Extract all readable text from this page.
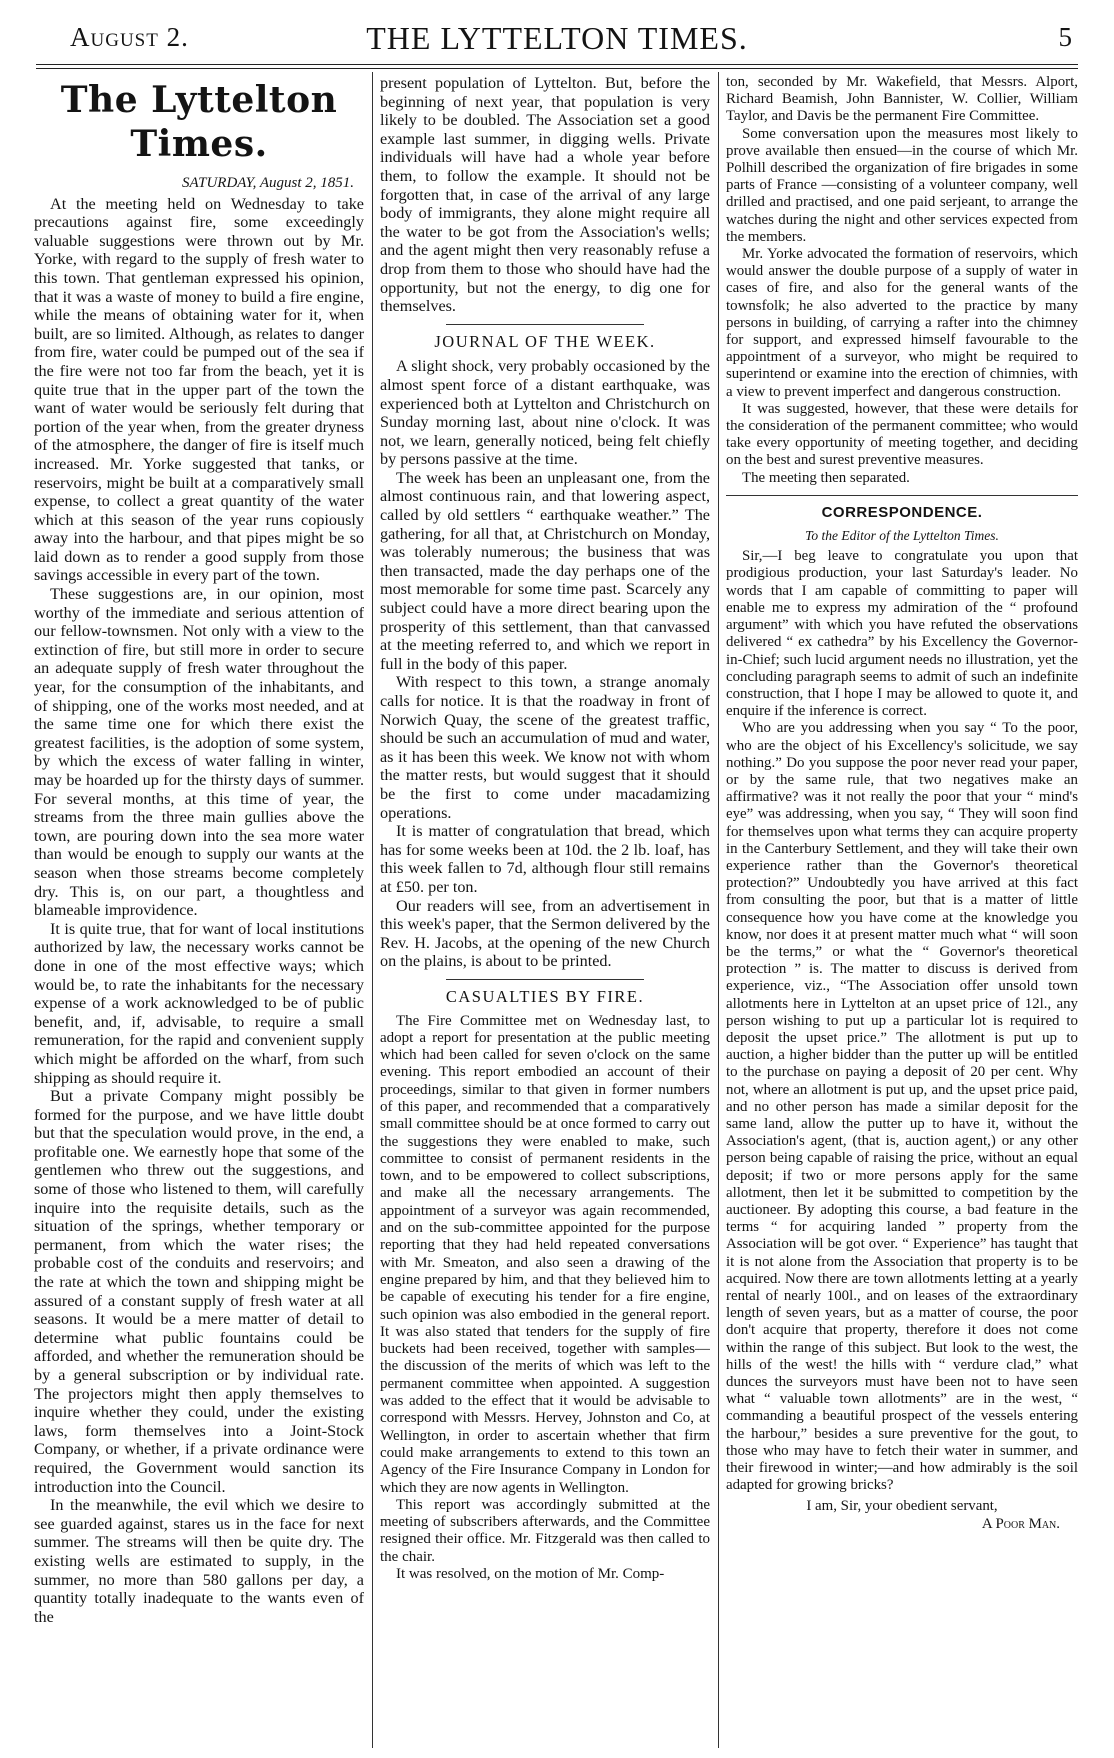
August 2.	THE LYTTELTON TIMES.	5
The Lyttelton Times.
SATURDAY, August 2, 1851.

At the meeting held on Wednesday to take precautions against fire, some exceedingly valuable suggestions were thrown out by Mr. Yorke, with regard to the supply of fresh water to this town. That gentleman expressed his opinion, that it was a waste of money to build a fire engine, while the means of obtaining water for it, when built, are so limited. Although, as relates to danger from fire, water could be pumped out of the sea if the fire were not too far from the beach, yet it is quite true that in the upper part of the town the want of water would be seriously felt during that portion of the year when, from the greater dryness of the atmosphere, the danger of fire is itself much increased. Mr. Yorke suggested that tanks, or reservoirs, might be built at a comparatively small expense, to collect a great quantity of the water which at this season of the year runs copiously away into the harbour, and that pipes might be so laid down as to render a good supply from those savings accessible in every part of the town.

These suggestions are, in our opinion, most worthy of the immediate and serious attention of our fellow-townsmen. Not only with a view to the extinction of fire, but still more in order to secure an adequate supply of fresh water throughout the year, for the consumption of the inhabitants, and of shipping, one of the works most needed, and at the same time one for which there exist the greatest facilities, is the adoption of some system, by which the excess of water falling in winter, may be hoarded up for the thirsty days of summer. For several months, at this time of year, the streams from the three main gullies above the town, are pouring down into the sea more water than would be enough to supply our wants at the season when those streams become completely dry. This is, on our part, a thoughtless and blameable improvidence.

It is quite true, that for want of local institutions authorized by law, the necessary works cannot be done in one of the most effective ways; which would be, to rate the inhabitants for the necessary expense of a work acknowledged to be of public benefit, and, if, advisable, to require a small remuneration, for the rapid and convenient supply which might be afforded on the wharf, from such shipping as should require it.

But a private Company might possibly be formed for the purpose, and we have little doubt but that the speculation would prove, in the end, a profitable one. We earnestly hope that some of the gentlemen who threw out the suggestions, and some of those who listened to them, will carefully inquire into the requisite details, such as the situation of the springs, whether temporary or permanent, from which the water rises; the probable cost of the conduits and reservoirs; and the rate at which the town and shipping might be assured of a constant supply of fresh water at all seasons. It would be a mere matter of detail to determine what public fountains could be afforded, and whether the remuneration should be by a general subscription or by individual rate. The projectors might then apply themselves to inquire whether they could, under the existing laws, form themselves into a Joint-Stock Company, or whether, if a private ordinance were required, the Government would sanction its introduction into the Council.

In the meanwhile, the evil which we desire to see guarded against, stares us in the face for next summer. The streams will then be quite dry. The existing wells are estimated to supply, in the summer, no more than 580 gallons per day, a quantity totally inadequate to the wants even of the

present population of Lyttelton. But, before the beginning of next year, that population is very likely to be doubled. The Association set a good example last summer, in digging wells. Private individuals will have had a whole year before them, to follow the example. It should not be forgotten that, in case of the arrival of any large body of immigrants, they alone might require all the water to be got from the Association's wells; and the agent might then very reasonably refuse a drop from them to those who should have had the opportunity, but not the energy, to dig one for themselves.

JOURNAL OF THE WEEK.

A slight shock, very probably occasioned by the almost spent force of a distant earthquake, was experienced both at Lyttelton and Christchurch on Sunday morning last, about nine o'clock. It was not, we learn, generally noticed, being felt chiefly by persons passive at the time.

The week has been an unpleasant one, from the almost continuous rain, and that lowering aspect, called by old settlers “ earthquake weather.” The gathering, for all that, at Christchurch on Monday, was tolerably numerous; the business that was then transacted, made the day perhaps one of the most memorable for some time past. Scarcely any subject could have a more direct bearing upon the prosperity of this settlement, than that canvassed at the meeting referred to, and which we report in full in the body of this paper.

With respect to this town, a strange anomaly calls for notice. It is that the roadway in front of Norwich Quay, the scene of the greatest traffic, should be such an accumulation of mud and water, as it has been this week. We know not with whom the matter rests, but would suggest that it should be the first to come under macadamizing operations.

It is matter of congratulation that bread, which has for some weeks been at 10d. the 2 lb. loaf, has this week fallen to 7d, although flour still remains at £50. per ton.

Our readers will see, from an advertisement in this week's paper, that the Sermon delivered by the Rev. H. Jacobs, at the opening of the new Church on the plains, is about to be printed.

CASUALTIES BY FIRE.

The Fire Committee met on Wednesday last, to adopt a report for presentation at the public meeting which had been called for seven o'clock on the same evening. This report embodied an account of their proceedings, similar to that given in former numbers of this paper, and recommended that a comparatively small committee should be at once formed to carry out the suggestions they were enabled to make, such committee to consist of permanent residents in the town, and to be empowered to collect subscriptions, and make all the necessary arrangements. The appointment of a surveyor was again recommended, and on the sub-committee appointed for the purpose reporting that they had held repeated conversations with Mr. Smeaton, and also seen a drawing of the engine prepared by him, and that they believed him to be capable of executing his tender for a fire engine, such opinion was also embodied in the general report. It was also stated that tenders for the supply of fire buckets had been received, together with samples—the discussion of the merits of which was left to the permanent committee when appointed. A suggestion was added to the effect that it would be advisable to correspond with Messrs. Hervey, Johnston and Co, at Wellington, in order to ascertain whether that firm could make arrangements to extend to this town an Agency of the Fire Insurance Company in London for which they are now agents in Wellington.

This report was accordingly submitted at the meeting of subscribers afterwards, and the Committee resigned their office. Mr. Fitzgerald was then called to the chair.

It was resolved, on the motion of Mr. Comp-

ton, seconded by Mr. Wakefield, that Messrs. Alport, Richard Beamish, John Bannister, W. Collier, William Taylor, and Davis be the permanent Fire Committee.

Some conversation upon the measures most likely to prove available then ensued—in the course of which Mr. Polhill described the organization of fire brigades in some parts of France —consisting of a volunteer company, well drilled and practised, and one paid serjeant, to arrange the watches during the night and other services expected from the members.

Mr. Yorke advocated the formation of reservoirs, which would answer the double purpose of a supply of water in cases of fire, and also for the general wants of the townsfolk; he also adverted to the practice by many persons in building, of carrying a rafter into the chimney for support, and expressed himself favourable to the appointment of a surveyor, who might be required to superintend or examine into the erection of chimnies, with a view to prevent imperfect and dangerous construction.

It was suggested, however, that these were details for the consideration of the permanent committee; who would take every opportunity of meeting together, and deciding on the best and surest preventive measures.

The meeting then separated.

CORRESPONDENCE.
To the Editor of the Lyttelton Times.

Sir,—I beg leave to congratulate you upon that prodigious production, your last Saturday's leader. No words that I am capable of committing to paper will enable me to express my admiration of the “ profound argument” with which you have refuted the observations delivered “ ex cathedra” by his Excellency the Governor-in-Chief; such lucid argument needs no illustration, yet the concluding paragraph seems to admit of such an indefinite construction, that I hope I may be allowed to quote it, and enquire if the inference is correct.

Who are you addressing when you say “ To the poor, who are the object of his Excellency's solicitude, we say nothing.” Do you suppose the poor never read your paper, or by the same rule, that two negatives make an affirmative? was it not really the poor that your “ mind's eye” was addressing, when you say, “ They will soon find for themselves upon what terms they can acquire property in the Canterbury Settlement, and they will take their own experience rather than the Governor's theoretical protection?” Undoubtedly you have arrived at this fact from consulting the poor, but that is a matter of little consequence how you have come at the knowledge you know, nor does it at present matter much what “ will soon be the terms,” or what the “ Governor's theoretical protection ” is. The matter to discuss is derived from experience, viz., “The Association offer unsold town allotments here in Lyttelton at an upset price of 12l., any person wishing to put up a particular lot is required to deposit the upset price.” The allotment is put up to auction, a higher bidder than the putter up will be entitled to the purchase on paying a deposit of 20 per cent. Why not, where an allotment is put up, and the upset price paid, and no other person has made a similar deposit for the same land, allow the putter up to have it, without the Association's agent, (that is, auction agent,) or any other person being capable of raising the price, without an equal deposit; if two or more persons apply for the same allotment, then let it be submitted to competition by the auctioneer. By adopting this course, a bad feature in the terms “ for acquiring landed ” property from the Association will be got over. “ Experience” has taught that it is not alone from the Association that property is to be acquired. Now there are town allotments letting at a yearly rental of nearly 100l., and on leases of the extraordinary length of seven years, but as a matter of course, the poor don't acquire that property, therefore it does not come within the range of this subject. But look to the west, the hills of the west! the hills with “ verdure clad,” what dunces the surveyors must have been not to have seen what “ valuable town allotments” are in the west, “ commanding a beautiful prospect of the vessels entering the harbour,” besides a sure preventive for the gout, to those who may have to fetch their water in summer, and their firewood in winter;—and how admirably is the soil adapted for growing bricks?

I am, Sir, your obedient servant,
A Poor Man.
